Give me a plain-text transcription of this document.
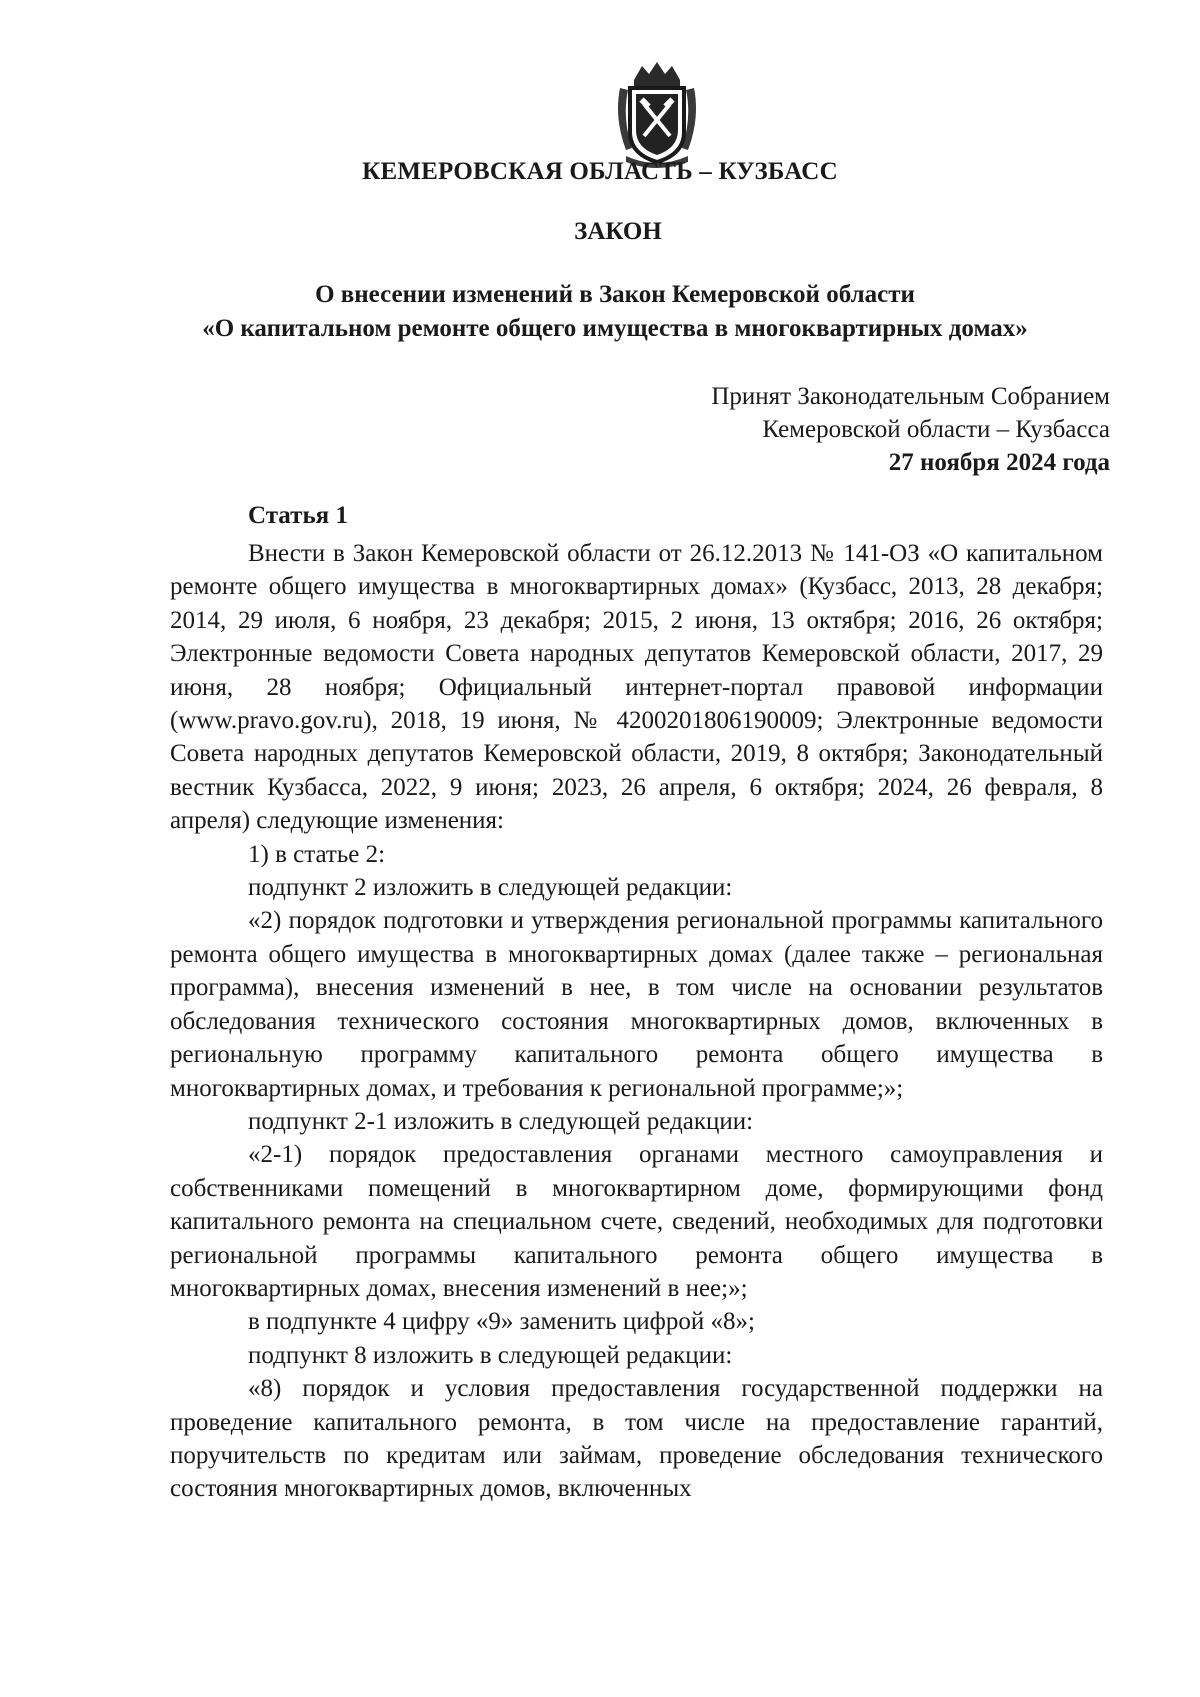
КЕМЕРОВСКАЯ ОБЛАСТЬ – КУЗБАСС
ЗАКОН
О внесении изменений в Закон Кемеровской области
«О капитальном ремонте общего имущества в многоквартирных домах»
Принят Законодательным Собранием
Кемеровской области – Кузбасса
27 ноября 2024 года
Статья 1

Внести в Закон Кемеровской области от 26.12.2013 № 141-ОЗ «О капитальном ремонте общего имущества в многоквартирных домах» (Кузбасс, 2013, 28 декабря; 2014, 29 июля, 6 ноября, 23 декабря; 2015, 2 июня, 13 октября; 2016, 26 октября; Электронные ведомости Совета народных депутатов Кемеровской области, 2017, 29 июня, 28 ноября; Официальный интернет-портал правовой информации (www.pravo.gov.ru), 2018, 19 июня, № 4200201806190009; Электронные ведомости Совета народных депутатов Кемеровской области, 2019, 8 октября; Законодательный вестник Кузбасса, 2022, 9 июня; 2023, 26 апреля, 6 октября; 2024, 26 февраля, 8 апреля) следующие изменения:

1) в статье 2:

подпункт 2 изложить в следующей редакции:

«2) порядок подготовки и утверждения региональной программы капитального ремонта общего имущества в многоквартирных домах (далее также – региональная программа), внесения изменений в нее, в том числе на основании результатов обследования технического состояния многоквартирных домов, включенных в региональную программу капитального ремонта общего имущества в многоквартирных домах, и требования к региональной программе;»;

подпункт 2-1 изложить в следующей редакции:

«2-1) порядок предоставления органами местного самоуправления и собственниками помещений в многоквартирном доме, формирующими фонд капитального ремонта на специальном счете, сведений, необходимых для подготовки региональной программы капитального ремонта общего имущества в многоквартирных домах, внесения изменений в нее;»;

в подпункте 4 цифру «9» заменить цифрой «8»;

подпункт 8 изложить в следующей редакции:

«8) порядок и условия предоставления государственной поддержки на проведение капитального ремонта, в том числе на предоставление гарантий, поручительств по кредитам или займам, проведение обследования технического состояния многоквартирных домов, включенных
